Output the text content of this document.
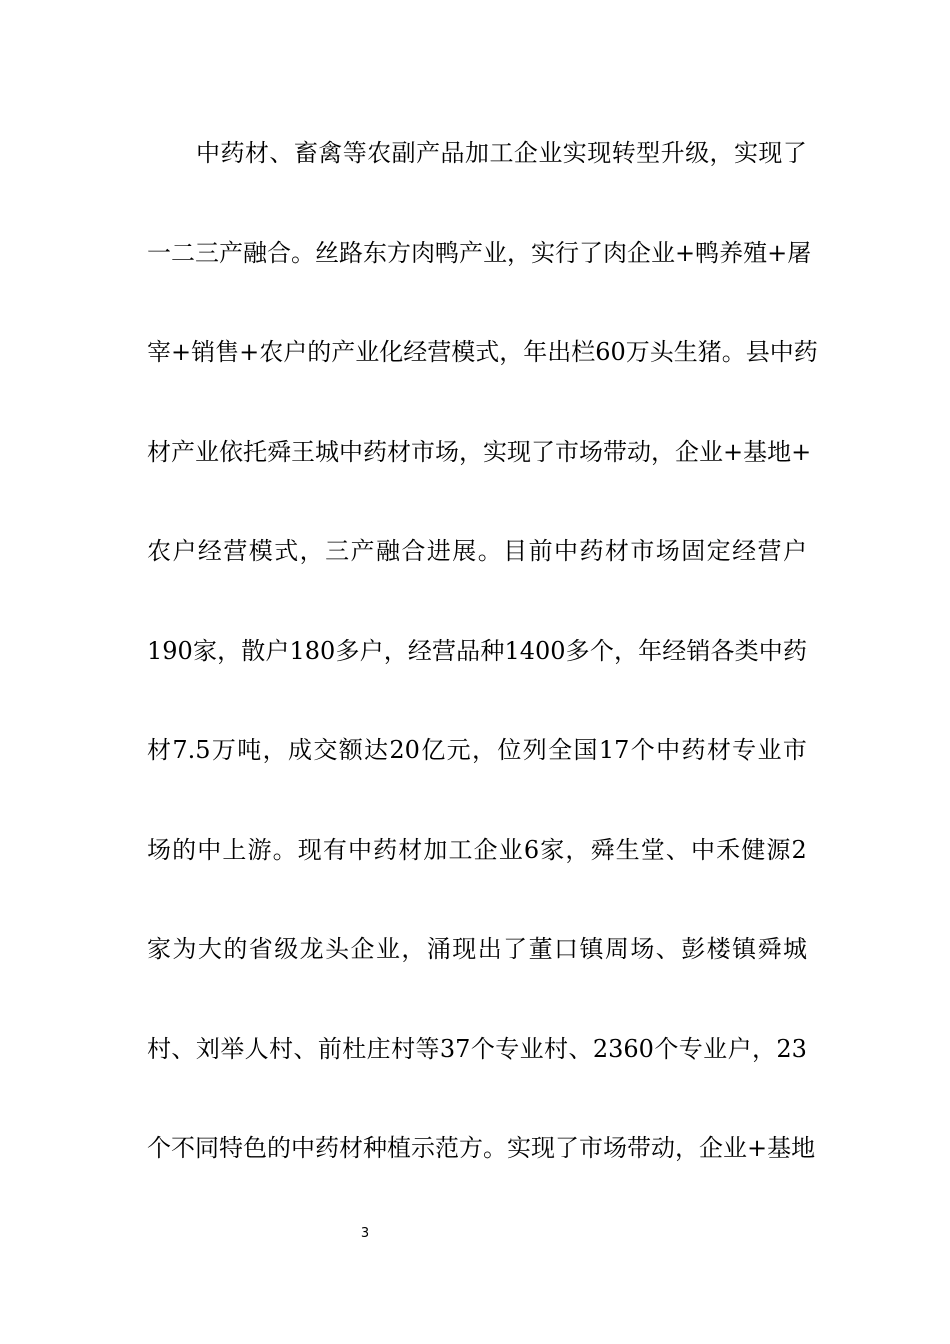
中 药 材 、 畜 禽 等 农 副 产 品 加 工 企 业 实 现 转 型 升 级 ， 实 现 了
一 二 三 产 融 合 。 丝 路 东 方 肉 鸭 产 业 ， 实 行 了 肉 企 业 + 鸭 养 殖 + 屠
宰 + 销 售 + 农 户 的 产 业 化 经 营 模 式 ， 年 出 栏 60 万 头 生 猪 。 县 中 药
材 产 业 依 托 舜 王 城 中 药 材 市 场 ， 实 现 了 市 场 带 动 ， 企 业 + 基 地 +
农 户 经 营 模 式 ， 三 产 融 合 进 展 。 目 前 中 药 材 市 场 固 定 经 营 户
190 家 ， 散 户 180 多 户 ， 经 营 品 种 1400 多 个 ， 年 经 销 各 类 中 药
材 7.5 万 吨 ， 成 交 额 达 20 亿 元 ， 位 列 全 国 17 个 中 药 材 专 业 市
场 的 中 上 游 。 现 有 中 药 材 加 工 企 业 6 家 ， 舜 生 堂 、 中 禾 健 源 2
家 为 大 的 省 级 龙 头 企 业 ， 涌 现 出 了 董 口 镇 周 场 、 彭 楼 镇 舜 城
村 、 刘 举 人 村 、 前 杜 庄 村 等 37 个 专 业 村 、 2360 个 专 业 户 ， 23
个 不 同 特 色 的 中 药 材 种 植 示 范 方 。 实 现 了 市 场 带 动 ， 企 业 + 基 地
3
